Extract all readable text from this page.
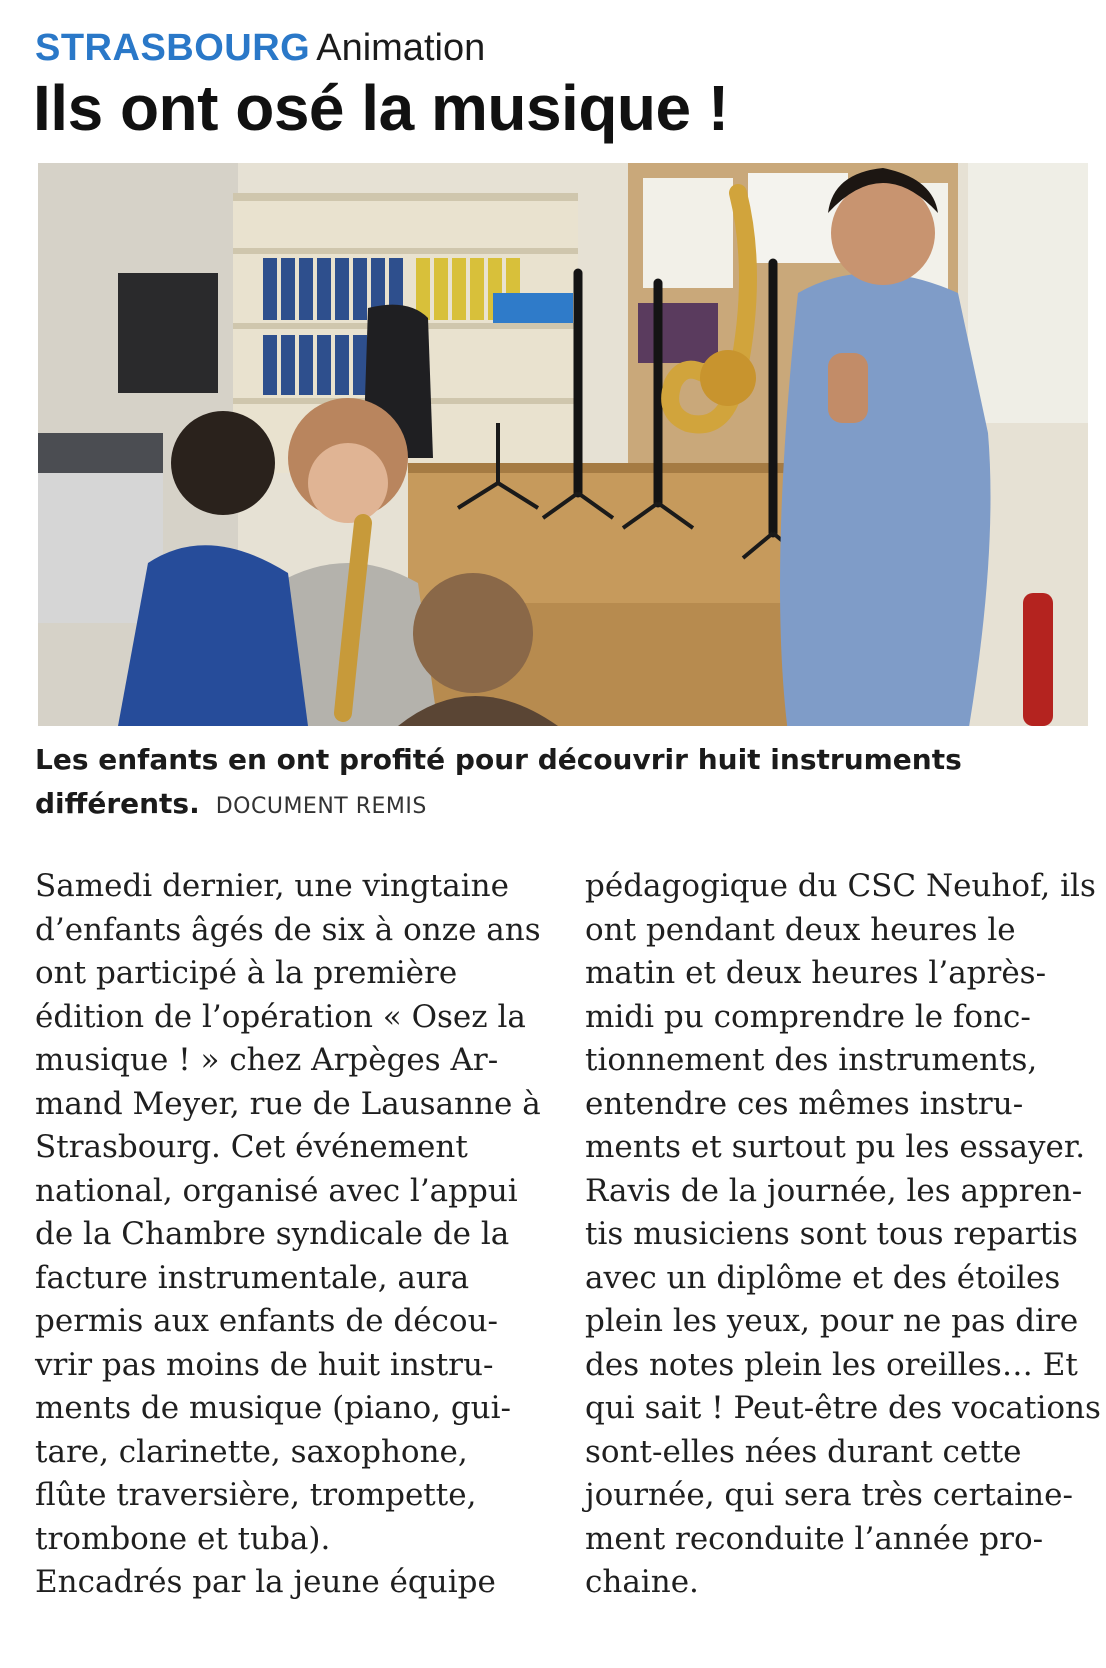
STRASBOURG Animation
Ils ont osé la musique !
Les enfants en ont profité pour découvrir huit instruments différents. DOCUMENT REMIS
Samedi dernier, une vingtaine
d’enfants âgés de six à onze ans
ont participé à la première
édition de l’opération « Osez la
musique ! » chez Arpèges Ar-
mand Meyer, rue de Lausanne à
Strasbourg. Cet événement
national, organisé avec l’appui
de la Chambre syndicale de la
facture instrumentale, aura
permis aux enfants de décou-
vrir pas moins de huit instru-
ments de musique (piano, gui-
tare, clarinette, saxophone,
flûte traversière, trompette,
trombone et tuba).
Encadrés par la jeune équipe
pédagogique du CSC Neuhof, ils
ont pendant deux heures le
matin et deux heures l’après-
midi pu comprendre le fonc-
tionnement des instruments,
entendre ces mêmes instru-
ments et surtout pu les essayer.
Ravis de la journée, les appren-
tis musiciens sont tous repartis
avec un diplôme et des étoiles
plein les yeux, pour ne pas dire
des notes plein les oreilles… Et
qui sait ! Peut-être des vocations
sont-elles nées durant cette
journée, qui sera très certaine-
ment reconduite l’année pro-
chaine.
